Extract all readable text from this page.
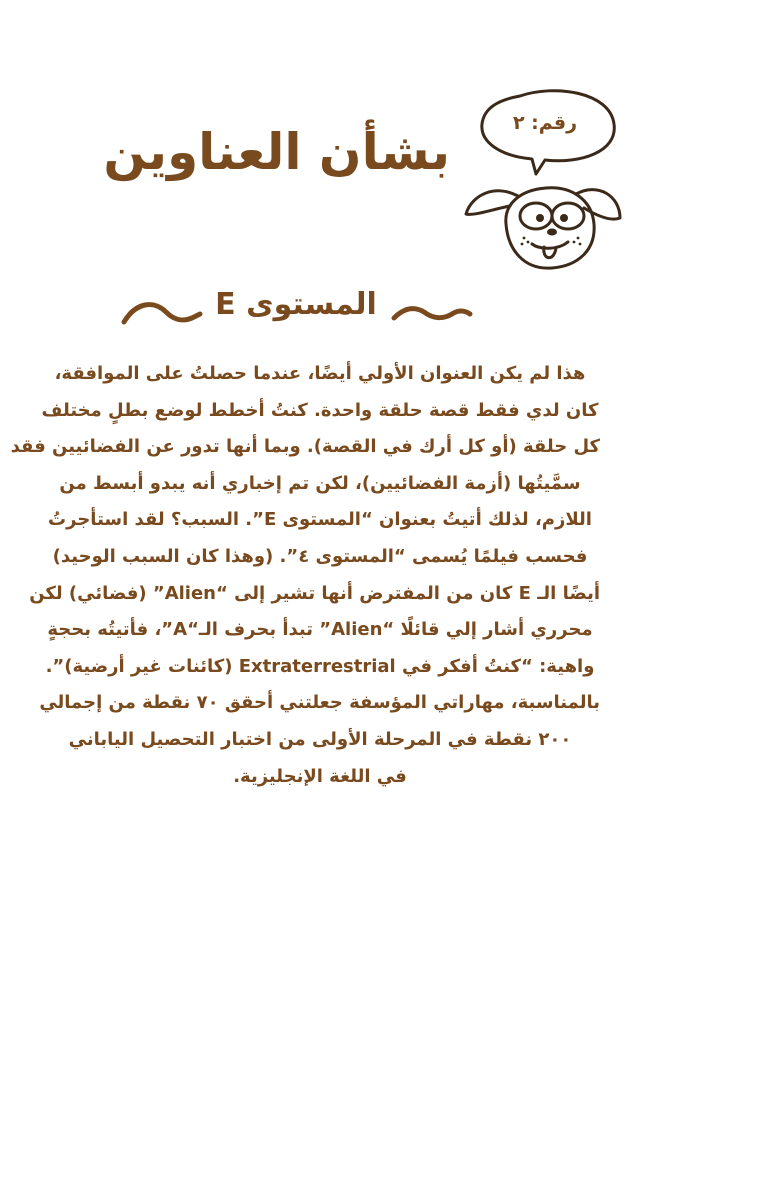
بشأن العناوين	رقم: ٢
المستوى E

هذا لم يكن العنوان الأولي أيضًا، عندما حصلتُ على الموافقة،
كان لدي فقط قصة حلقة واحدة. كنتُ أخطط لوضع بطلٍ مختلف
كل حلقة (أو كل أرك في القصة). وبما أنها تدور عن الفضائيين فقد
سمَّيتُها (أزمة الفضائيين)، لكن تم إخباري أنه يبدو أبسط من
اللازم، لذلك أتيتُ بعنوان “المستوى E”. السبب؟ لقد استأجرتُ
فحسب فيلمًا يُسمى “المستوى ٤”. (وهذا كان السبب الوحيد)
أيضًا الـ E كان من المفترض أنها تشير إلى “Alien” (فضائي) لكن
محرري أشار إلي قائلًا “Alien” تبدأ بحرف الـ“A”، فأتيتُه بحجةٍ
واهية: “كنتُ أفكر في Extraterrestrial (كائنات غير أرضية)”.
بالمناسبة، مهاراتي المؤسفة جعلتني أحقق ٧٠ نقطة من إجمالي
٢٠٠ نقطة في المرحلة الأولى من اختبار التحصيل الياباني
في اللغة الإنجليزية.
